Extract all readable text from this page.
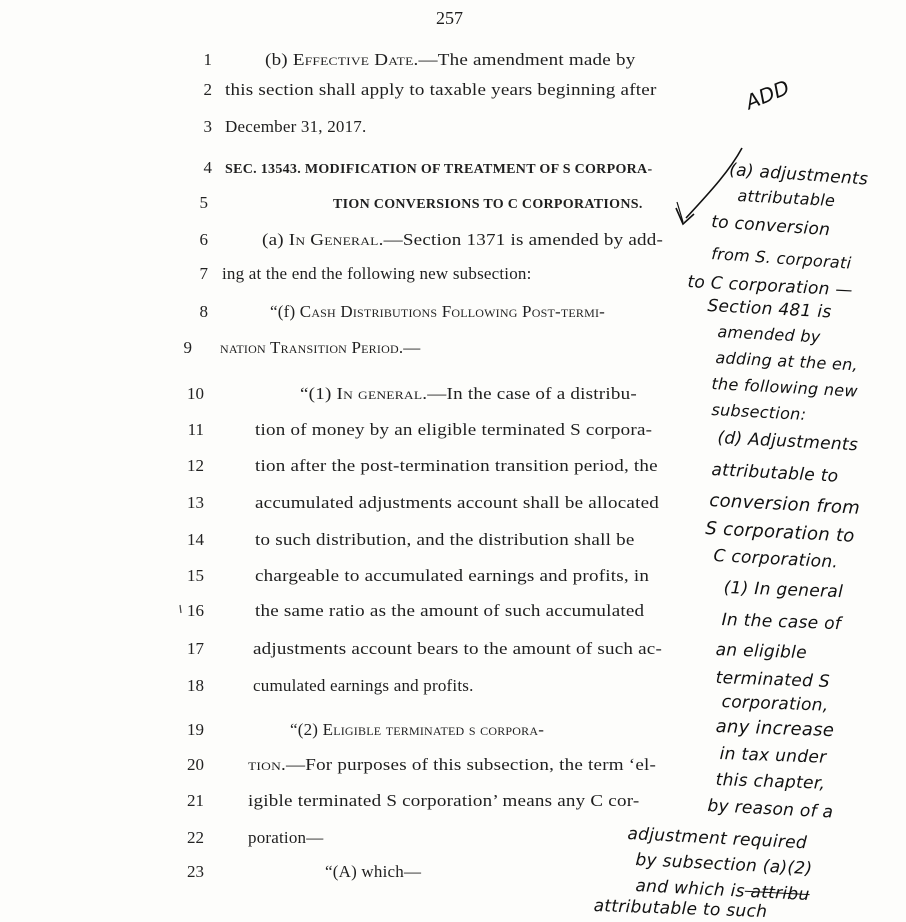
257
1	(b) Effective Date.—The amendment made by
2 this section shall apply to taxable years beginning after
3 December 31, 2017.
4 SEC. 13543. MODIFICATION OF TREATMENT OF S CORPORA-
5	TION CONVERSIONS TO C CORPORATIONS.
6	(a) In General.—Section 1371 is amended by add-
7 ing at the end the following new subsection:
8	“(f) Cash Distributions Following Post-termi-
9 nation Transition Period.—
10	“(1) In general.—In the case of a distribu-
11	tion of money by an eligible terminated S corpora-
12	tion after the post-termination transition period, the
13	accumulated adjustments account shall be allocated
14	to such distribution, and the distribution shall be
15	chargeable to accumulated earnings and profits, in
16	the same ratio as the amount of such accumulated
17	adjustments account bears to the amount of such ac-
18	cumulated earnings and profits.
19	“(2) Eligible terminated s corpora-
20	tion.—For purposes of this subsection, the term ‘el-
21	igible terminated S corporation’ means any C cor-
22	poration—
23	“(A) which—
ADD
(a) adjustments
attributable
to conversion
from S. corporati
to C corporation —
Section 481 is
amended by
adding at the en,
the following new
subsection:
(d) Adjustments
attributable to
conversion from
S corporation to
C corporation.
(1) In general
In the case of
an eligible
terminated S
corporation,
any increase
in tax under
this chapter,
by reason of a
adjustment required
by subsection (a)(2)
and which is attribu
attributable to such
